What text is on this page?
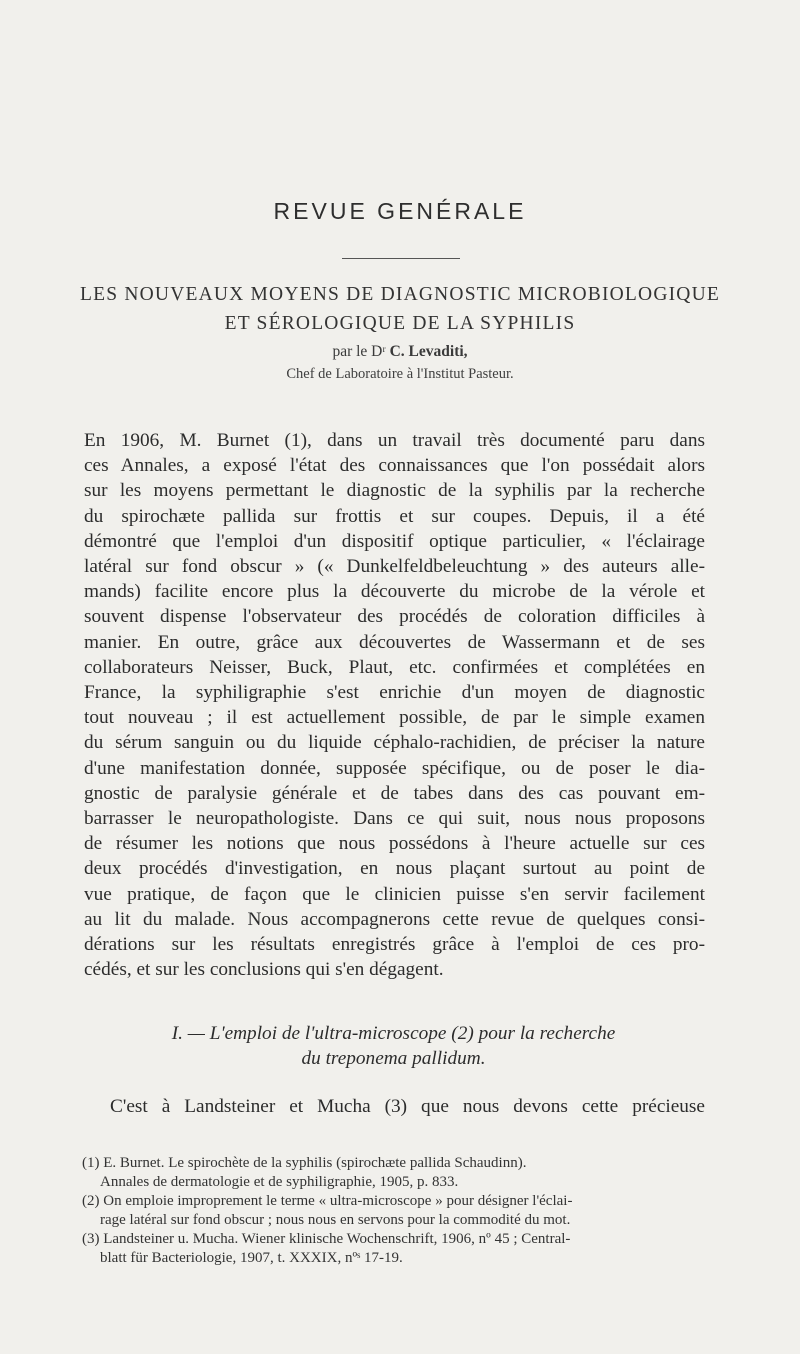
REVUE GENÉRALE
LES NOUVEAUX MOYENS DE DIAGNOSTIC MICROBIOLOGIQUE
ET SÉROLOGIQUE DE LA SYPHILIS
par le Dʳ C. Levaditi,
Chef de Laboratoire à l'Institut Pasteur.
En 1906, M. Burnet (1), dans un travail très documenté paru dans
ces Annales, a exposé l'état des connaissances que l'on possédait alors
sur les moyens permettant le diagnostic de la syphilis par la recherche
du spirochæte pallida sur frottis et sur coupes. Depuis, il a été
démontré que l'emploi d'un dispositif optique particulier, « l'éclairage
latéral sur fond obscur » (« Dunkelfeldbeleuchtung » des auteurs alle-
mands) facilite encore plus la découverte du microbe de la vérole et
souvent dispense l'observateur des procédés de coloration difficiles à
manier. En outre, grâce aux découvertes de Wassermann et de ses
collaborateurs Neisser, Buck, Plaut, etc. confirmées et complétées en
France, la syphiligraphie s'est enrichie d'un moyen de diagnostic
tout nouveau ; il est actuellement possible, de par le simple examen
du sérum sanguin ou du liquide céphalo-rachidien, de préciser la nature
d'une manifestation donnée, supposée spécifique, ou de poser le dia-
gnostic de paralysie générale et de tabes dans des cas pouvant em-
barrasser le neuropathologiste. Dans ce qui suit, nous nous proposons
de résumer les notions que nous possédons à l'heure actuelle sur ces
deux procédés d'investigation, en nous plaçant surtout au point de
vue pratique, de façon que le clinicien puisse s'en servir facilement
au lit du malade. Nous accompagnerons cette revue de quelques consi-
dérations sur les résultats enregistrés grâce à l'emploi de ces pro-
cédés, et sur les conclusions qui s'en dégagent.
I. — L'emploi de l'ultra-microscope (2) pour la recherche
du treponema pallidum.
C'est à Landsteiner et Mucha (3) que nous devons cette précieuse
(1) E. Burnet. Le spirochète de la syphilis (spirochæte pallida Schaudinn).
Annales de dermatologie et de syphiligraphie, 1905, p. 833.
(2) On emploie improprement le terme « ultra-microscope » pour désigner l'éclai-
rage latéral sur fond obscur ; nous nous en servons pour la commodité du mot.
(3) Landsteiner u. Mucha. Wiener klinische Wochenschrift, 1906, nº 45 ; Central-
blatt für Bacteriologie, 1907, t. XXXIX, nºˢ 17-19.
